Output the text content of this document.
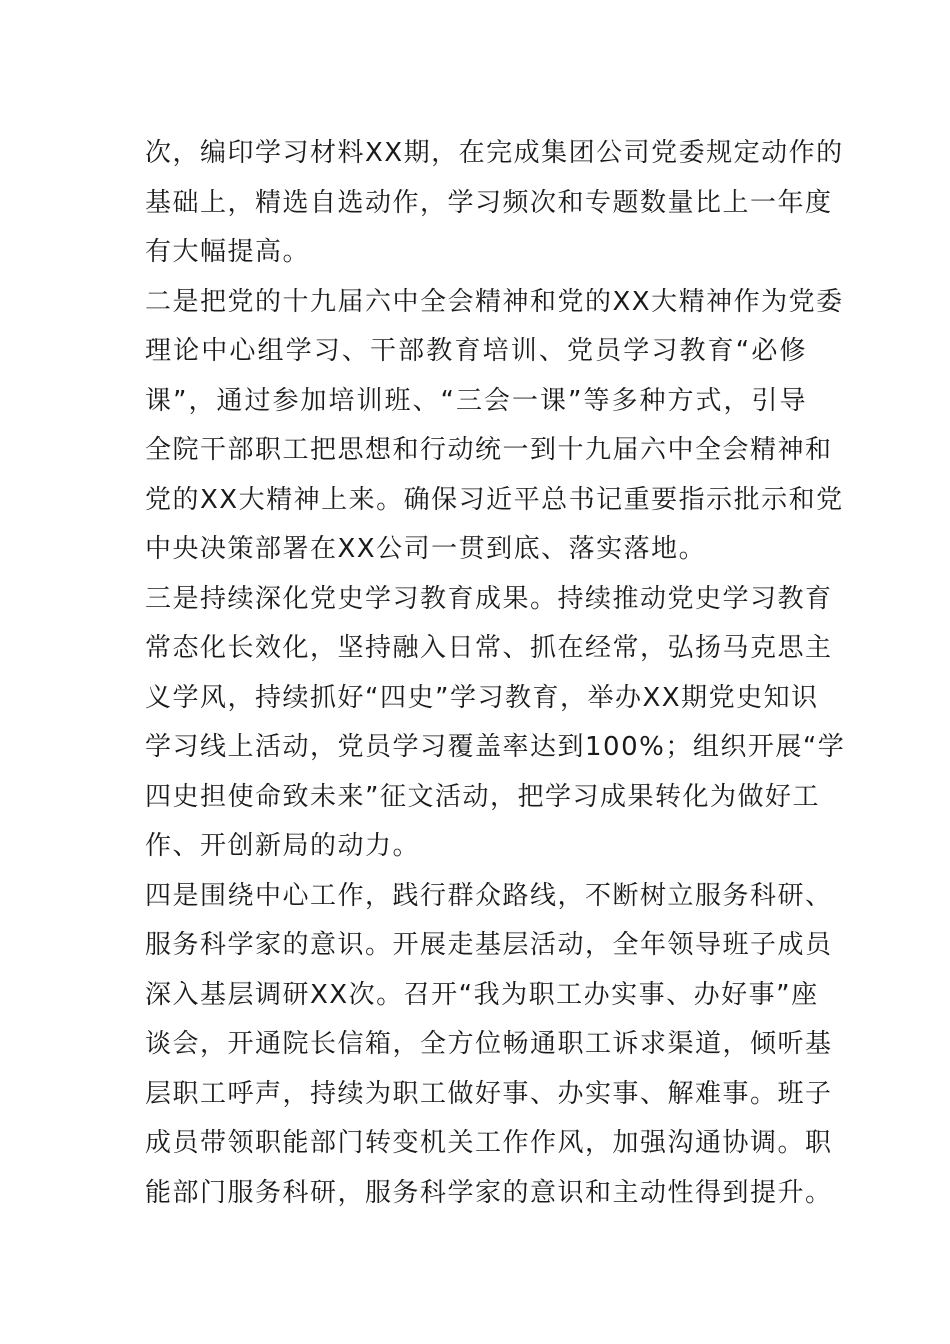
次，编印学习材料XX期，在完成集团公司党委规定动作的
基础上，精选自选动作，学习频次和专题数量比上一年度
有大幅提高。
二是把党的十九届六中全会精神和党的XX大精神作为党委
理论中心组学习、干部教育培训、党员学习教育“必修
课”，通过参加培训班、“三会一课”等多种方式，引导
全院干部职工把思想和行动统一到十九届六中全会精神和
党的XX大精神上来。确保习近平总书记重要指示批示和党
中央决策部署在XX公司一贯到底、落实落地。
三是持续深化党史学习教育成果。持续推动党史学习教育
常态化长效化，坚持融入日常、抓在经常，弘扬马克思主
义学风，持续抓好“四史”学习教育，举办XX期党史知识
学习线上活动，党员学习覆盖率达到100%；组织开展“学
四史担使命致未来”征文活动，把学习成果转化为做好工
作、开创新局的动力。
四是围绕中心工作，践行群众路线，不断树立服务科研、
服务科学家的意识。开展走基层活动，全年领导班子成员
深入基层调研XX次。召开“我为职工办实事、办好事”座
谈会，开通院长信箱，全方位畅通职工诉求渠道，倾听基
层职工呼声，持续为职工做好事、办实事、解难事。班子
成员带领职能部门转变机关工作作风，加强沟通协调。职
能部门服务科研，服务科学家的意识和主动性得到提升。
